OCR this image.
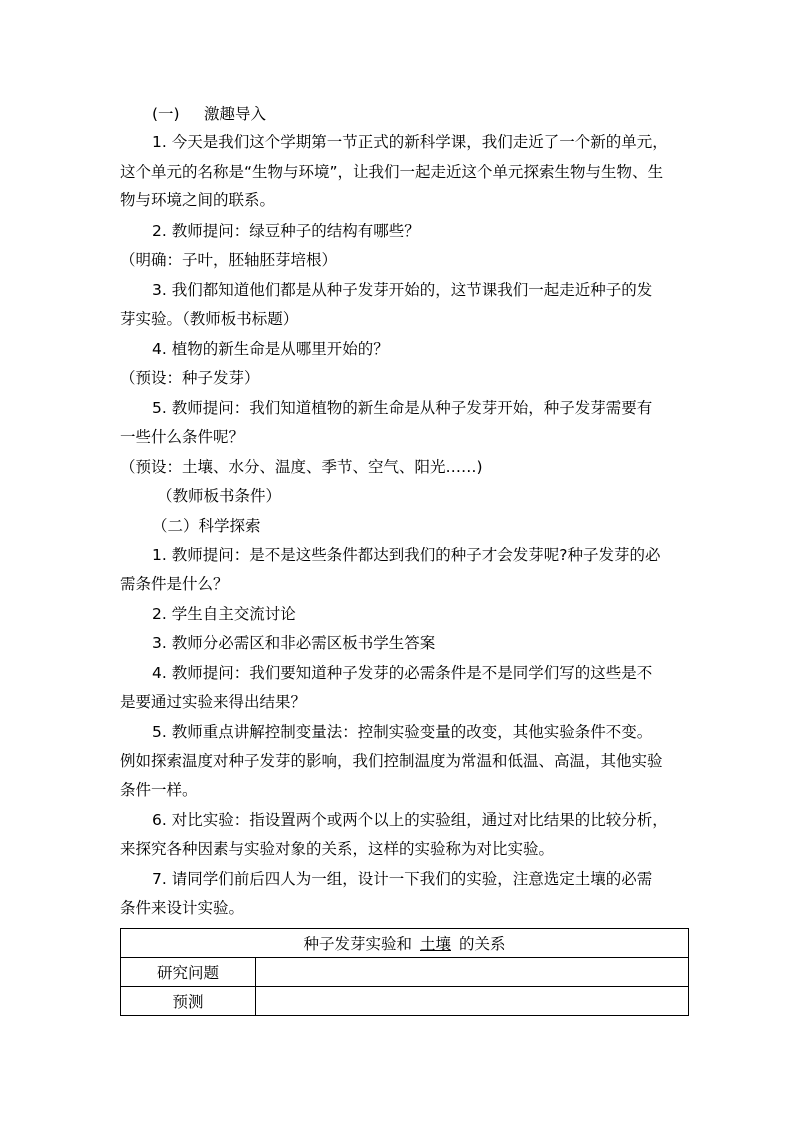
(一) 激趣导入
1. 今天是我们这个学期第一节正式的新科学课，我们走近了一个新的单元，
这个单元的名称是“生物与环境”，让我们一起走近这个单元探索生物与生物、生
物与环境之间的联系。
2. 教师提问：绿豆种子的结构有哪些？
（明确：子叶，胚轴胚芽培根）
3. 我们都知道他们都是从种子发芽开始的，这节课我们一起走近种子的发
芽实验。（教师板书标题）
4. 植物的新生命是从哪里开始的？
（预设：种子发芽）
5. 教师提问：我们知道植物的新生命是从种子发芽开始，种子发芽需要有
一些什么条件呢？
（预设：土壤、水分、温度、季节、空气、阳光……)
（教师板书条件）
（二）科学探索
1. 教师提问：是不是这些条件都达到我们的种子才会发芽呢?种子发芽的必
需条件是什么？
2. 学生自主交流讨论
3. 教师分必需区和非必需区板书学生答案
4. 教师提问：我们要知道种子发芽的必需条件是不是同学们写的这些是不
是要通过实验来得出结果？
5. 教师重点讲解控制变量法：控制实验变量的改变，其他实验条件不变。
例如探索温度对种子发芽的影响，我们控制温度为常温和低温、高温，其他实验
条件一样。
6. 对比实验：指设置两个或两个以上的实验组，通过对比结果的比较分析，
来探究各种因素与实验对象的关系，这样的实验称为对比实验。
7. 请同学们前后四人为一组，设计一下我们的实验，注意选定土壤的必需
条件来设计实验。
种子发芽实验和 土壤 的关系	
研究问题	
预测	
